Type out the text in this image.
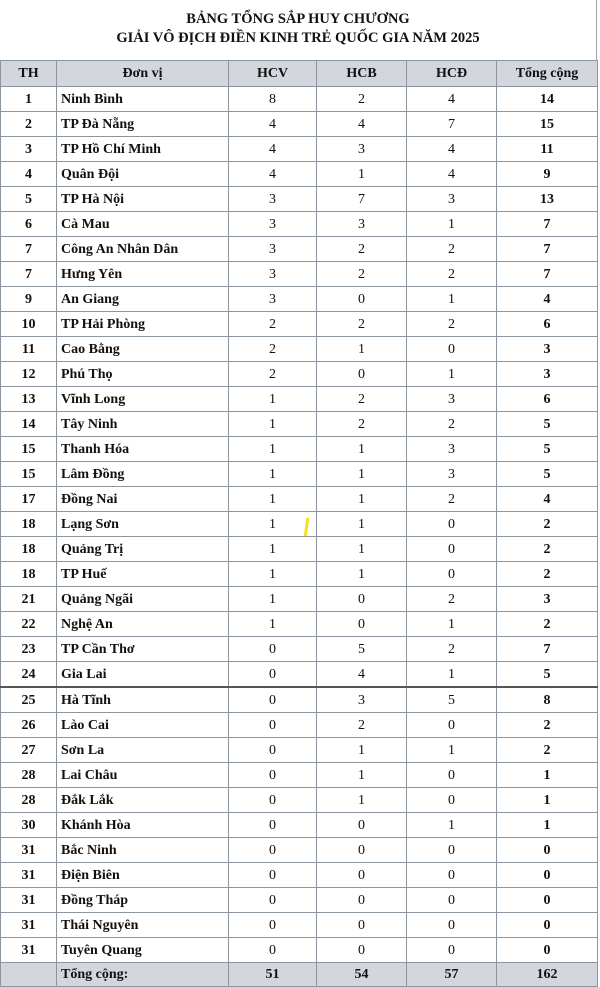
BẢNG TỔNG SẮP HUY CHƯƠNG
GIẢI VÔ ĐỊCH ĐIỀN KINH TRẺ QUỐC GIA NĂM 2025
TH	Đơn vị	HCV	HCB	HCĐ	Tổng cộng
1	Ninh Bình	8	2	4	14
2	TP Đà Nẵng	4	4	7	15
3	TP Hồ Chí Minh	4	3	4	11
4	Quân Đội	4	1	4	9
5	TP Hà Nội	3	7	3	13
6	Cà Mau	3	3	1	7
7	Công An Nhân Dân	3	2	2	7
7	Hưng Yên	3	2	2	7
9	An Giang	3	0	1	4
10	TP Hải Phòng	2	2	2	6
11	Cao Bằng	2	1	0	3
12	Phú Thọ	2	0	1	3
13	Vĩnh Long	1	2	3	6
14	Tây Ninh	1	2	2	5
15	Thanh Hóa	1	1	3	5
15	Lâm Đồng	1	1	3	5
17	Đồng Nai	1	1	2	4
18	Lạng Sơn	1	1	0	2
18	Quảng Trị	1	1	0	2
18	TP Huế	1	1	0	2
21	Quảng Ngãi	1	0	2	3
22	Nghệ An	1	0	1	2
23	TP Cần Thơ	0	5	2	7
24	Gia Lai	0	4	1	5
25	Hà Tĩnh	0	3	5	8
26	Lào Cai	0	2	0	2
27	Sơn La	0	1	1	2
28	Lai Châu	0	1	0	1
28	Đắk Lắk	0	1	0	1
30	Khánh Hòa	0	0	1	1
31	Bắc Ninh	0	0	0	0
31	Điện Biên	0	0	0	0
31	Đồng Tháp	0	0	0	0
31	Thái Nguyên	0	0	0	0
31	Tuyên Quang	0	0	0	0
	Tổng cộng:	51	54	57	162
